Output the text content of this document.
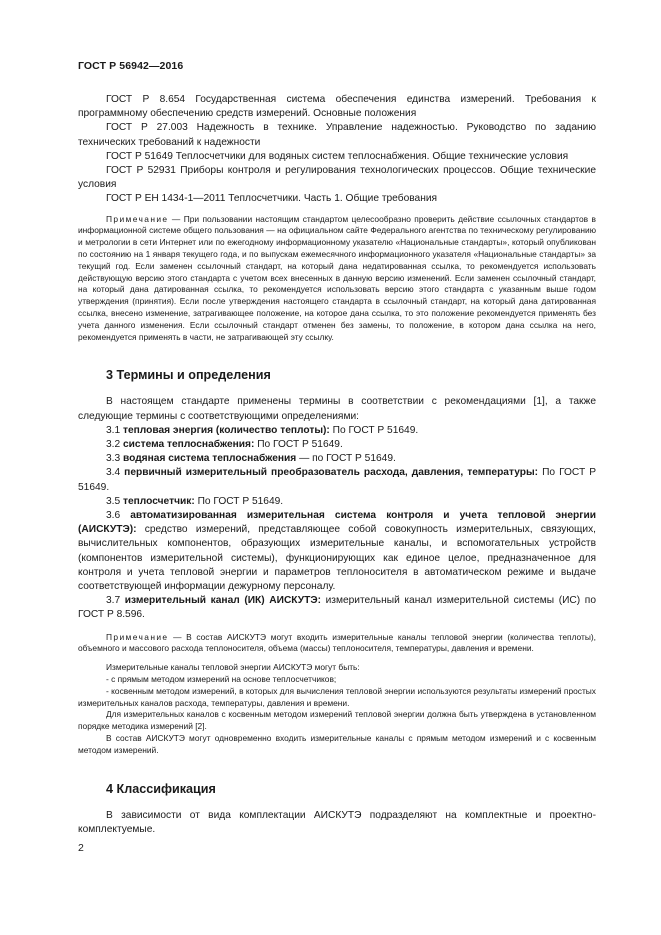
ГОСТ Р 56942—2016

ГОСТ Р 8.654 Государственная система обеспечения единства измерений. Требования к программному обеспечению средств измерений. Основные положения

ГОСТ Р 27.003 Надежность в технике. Управление надежностью. Руководство по заданию технических требований к надежности

ГОСТ Р 51649 Теплосчетчики для водяных систем теплоснабжения. Общие технические условия

ГОСТ Р 52931 Приборы контроля и регулирования технологических процессов. Общие технические условия

ГОСТ Р ЕН 1434-1—2011 Теплосчетчики. Часть 1. Общие требования

Примечание — При пользовании настоящим стандартом целесообразно проверить действие ссылочных стандартов в информационной системе общего пользования — на официальном сайте Федерального агентства по техническому регулированию и метрологии в сети Интернет или по ежегодному информационному указателю «Национальные стандарты», который опубликован по состоянию на 1 января текущего года, и по выпускам ежемесячного информационного указателя «Национальные стандарты» за текущий год. Если заменен ссылочный стандарт, на который дана недатированная ссылка, то рекомендуется использовать действующую версию этого стандарта с учетом всех внесенных в данную версию изменений. Если заменен ссылочный стандарт, на который дана датированная ссылка, то рекомендуется использовать версию этого стандарта с указанным выше годом утверждения (принятия). Если после утверждения настоящего стандарта в ссылочный стандарт, на который дана датированная ссылка, внесено изменение, затрагивающее положение, на которое дана ссылка, то это положение рекомендуется применять без учета данного изменения. Если ссылочный стандарт отменен без замены, то положение, в котором дана ссылка на него, рекомендуется применять в части, не затрагивающей эту ссылку.

3 Термины и определения

В настоящем стандарте применены термины в соответствии с рекомендациями [1], а также следующие термины с соответствующими определениями:

3.1 тепловая энергия (количество теплоты): По ГОСТ Р 51649.

3.2 система теплоснабжения: По ГОСТ Р 51649.

3.3 водяная система теплоснабжения — по ГОСТ Р 51649.

3.4 первичный измерительный преобразователь расхода, давления, температуры: По ГОСТ Р 51649.

3.5 теплосчетчик: По ГОСТ Р 51649.

3.6 автоматизированная измерительная система контроля и учета тепловой энергии (АИСКУТЭ): средство измерений, представляющее собой совокупность измерительных, связующих, вычислительных компонентов, образующих измерительные каналы, и вспомогательных устройств (компонентов измерительной системы), функционирующих как единое целое, предназначенное для контроля и учета тепловой энергии и параметров теплоносителя в автоматическом режиме и выдаче соответствующей информации дежурному персоналу.

3.7 измерительный канал (ИК) АИСКУТЭ: измерительный канал измерительной системы (ИС) по ГОСТ Р 8.596.

Примечание — В состав АИСКУТЭ могут входить измерительные каналы тепловой энергии (количества теплоты), объемного и массового расхода теплоносителя, объема (массы) теплоносителя, температуры, давления и времени.

Измерительные каналы тепловой энергии АИСКУТЭ могут быть:

- с прямым методом измерений на основе теплосчетчиков;

- косвенным методом измерений, в которых для вычисления тепловой энергии используются результаты измерений простых измерительных каналов расхода, температуры, давления и времени.

Для измерительных каналов с косвенным методом измерений тепловой энергии должна быть утверждена в установленном порядке методика измерений [2].

В состав АИСКУТЭ могут одновременно входить измерительные каналы с прямым методом измерений и с косвенным методом измерений.

4 Классификация

В зависимости от вида комплектации АИСКУТЭ подразделяют на комплектные и проектно-комплектуемые.

2
